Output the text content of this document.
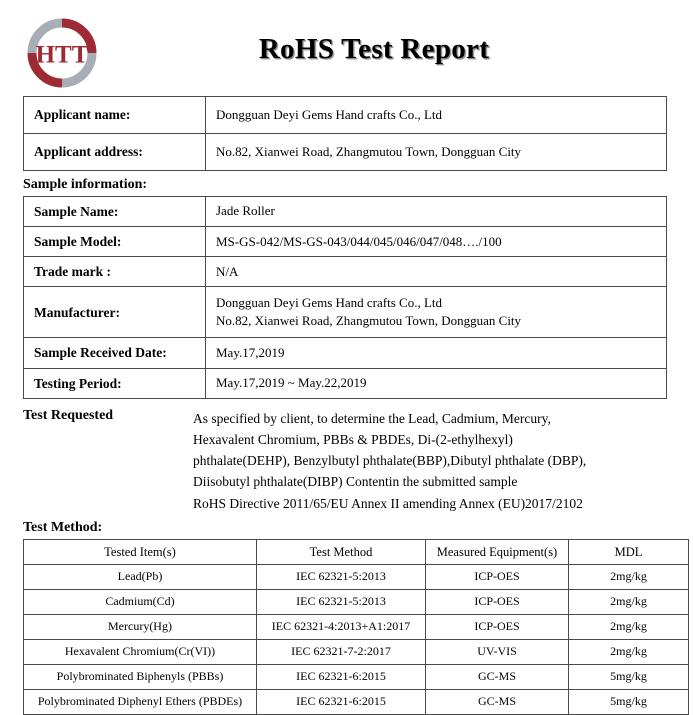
HTT	RoHS Test Report
Applicant name:	Dongguan Deyi Gems Hand crafts Co., Ltd
Applicant address:	No.82, Xianwei Road, Zhangmutou Town, Dongguan City
Sample information:
Sample Name:	Jade Roller
Sample Model:	MS-GS-042/MS-GS-043/044/045/046/047/048…./100
Trade mark :	N/A
Manufacturer:	Dongguan Deyi Gems Hand crafts Co., Ltd
No.82, Xianwei Road, Zhangmutou Town, Dongguan City

Sample Received Date:	May.17,2019
Testing Period:	May.17,2019 ~ May.22,2019
Test Requested	As specified by client, to determine the Lead, Cadmium, Mercury,
Hexavalent Chromium, PBBs & PBDEs, Di-(2-ethylhexyl)
phthalate(DEHP), Benzylbutyl phthalate(BBP),Dibutyl phthalate (DBP),
Diisobutyl phthalate(DIBP) Contentin the submitted sample
RoHS Directive 2011/65/EU Annex II amending Annex (EU)2017/2102
Test Method:
Tested Item(s)	Test Method	Measured Equipment(s)	MDL
Lead(Pb)	IEC 62321-5:2013	ICP-OES	2mg/kg
Cadmium(Cd)	IEC 62321-5:2013	ICP-OES	2mg/kg
Mercury(Hg)	IEC 62321-4:2013+A1:2017	ICP-OES	2mg/kg
Hexavalent Chromium(Cr(VI))	IEC 62321-7-2:2017	UV-VIS	2mg/kg
Polybrominated Biphenyls (PBBs)	IEC 62321-6:2015	GC-MS	5mg/kg
Polybrominated Diphenyl Ethers (PBDEs)	IEC 62321-6:2015	GC-MS	5mg/kg
